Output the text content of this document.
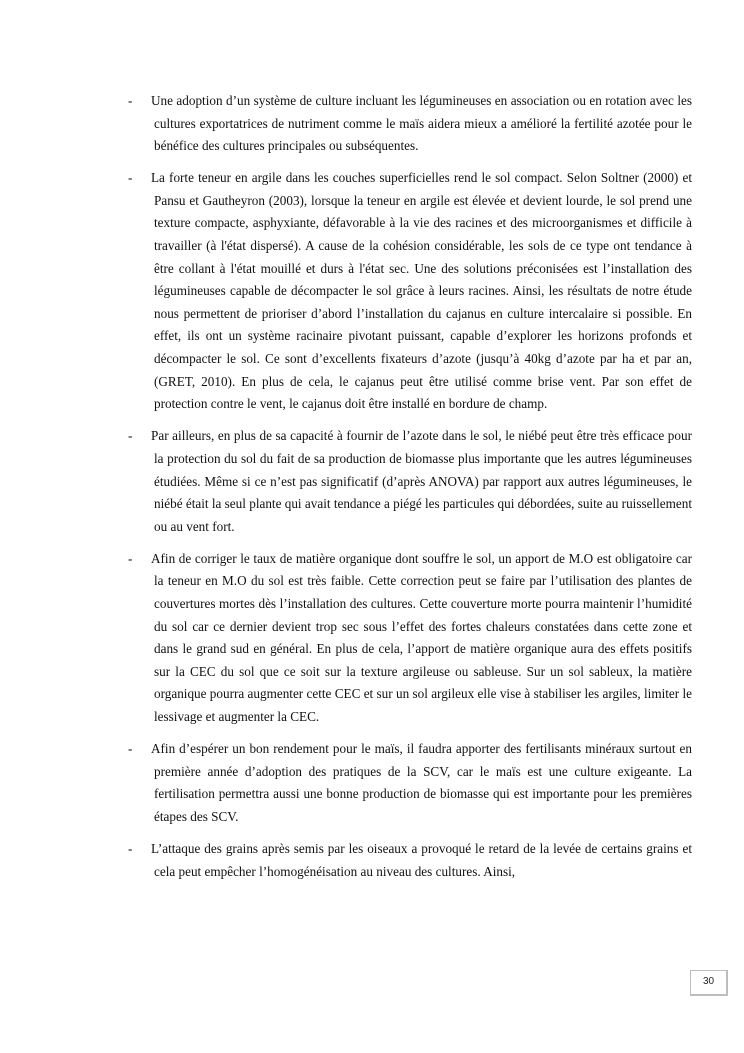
-	Une adoption d’un système de culture incluant les légumineuses en association ou en rotation avec les cultures exportatrices de nutriment comme le maïs aidera mieux a amélioré la fertilité azotée pour le bénéfice des cultures principales ou subséquentes.
-	La forte teneur en argile dans les couches superficielles rend le sol compact. Selon Soltner (2000) et Pansu et Gautheyron (2003), lorsque la teneur en argile est élevée et devient lourde, le sol prend une texture compacte, asphyxiante, défavorable à la vie des racines et des microorganismes et difficile à travailler (à l'état dispersé). A cause de la cohésion considérable, les sols de ce type ont tendance à être collant à l'état mouillé et durs à l'état sec. Une des solutions préconisées est l’installation des légumineuses capable de décompacter le sol grâce à leurs racines. Ainsi, les résultats de notre étude nous permettent de prioriser d’abord l’installation du cajanus en culture intercalaire si possible. En effet, ils ont un système racinaire pivotant puissant, capable d’explorer les horizons profonds et décompacter le sol. Ce sont d’excellents fixateurs d’azote (jusqu’à 40kg d’azote par ha et par an, (GRET, 2010). En plus de cela, le cajanus peut être utilisé comme brise vent. Par son effet de protection contre le vent, le cajanus doit être installé en bordure de champ.
-	Par ailleurs, en plus de sa capacité à fournir de l’azote dans le sol, le niébé peut être très efficace pour la protection du sol du fait de sa production de biomasse plus importante que les autres légumineuses étudiées. Même si ce n’est pas significatif (d’après ANOVA) par rapport aux autres légumineuses, le niébé était la seul plante qui avait tendance a piégé les particules qui débordées, suite au ruissellement ou au vent fort.
-	Afin de corriger le taux de matière organique dont souffre le sol, un apport de M.O est obligatoire car la teneur en M.O du sol est très faible. Cette correction peut se faire par l’utilisation des plantes de couvertures mortes dès l’installation des cultures. Cette couverture morte pourra maintenir l’humidité du sol car ce dernier devient trop sec sous l’effet des fortes chaleurs constatées dans cette zone et dans le grand sud en général. En plus de cela, l’apport de matière organique aura des effets positifs sur la CEC du sol que ce soit sur la texture argileuse ou sableuse. Sur un sol sableux, la matière organique pourra augmenter cette CEC et sur un sol argileux elle vise à stabiliser les argiles, limiter le lessivage et augmenter la CEC.
-	Afin d’espérer un bon rendement pour le maïs, il faudra apporter des fertilisants minéraux surtout en première année d’adoption des pratiques de la SCV, car le maïs est une culture exigeante. La fertilisation permettra aussi une bonne production de biomasse qui est importante pour les premières étapes des SCV.
-	L’attaque des grains après semis par les oiseaux a provoqué le retard de la levée de certains grains et cela peut empêcher l’homogénéisation au niveau des cultures. Ainsi,
30
